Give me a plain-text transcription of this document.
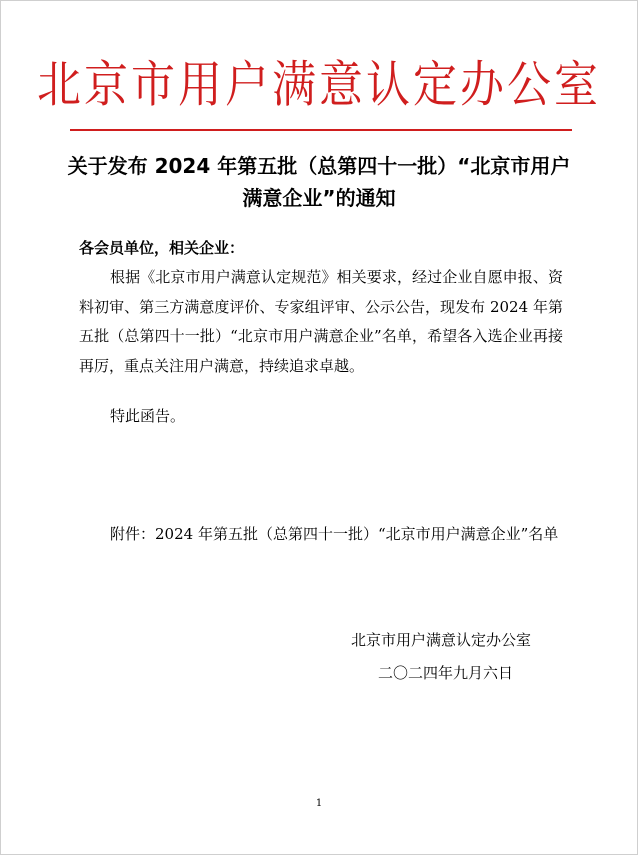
北京市用户满意认定办公室
关于发布 2024 年第五批（总第四十一批）“北京市用户满意企业”的通知
各会员单位，相关企业：
根据《北京市用户满意认定规范》相关要求，经过企业自愿申报、资料初审、第三方满意度评价、专家组评审、公示公告，现发布 2024 年第五批（总第四十一批）“北京市用户满意企业”名单，希望各入选企业再接再厉，重点关注用户满意，持续追求卓越。
特此函告。
附件：2024 年第五批（总第四十一批）“北京市用户满意企业”名单
北京市用户满意认定办公室
二〇二四年九月六日
1
